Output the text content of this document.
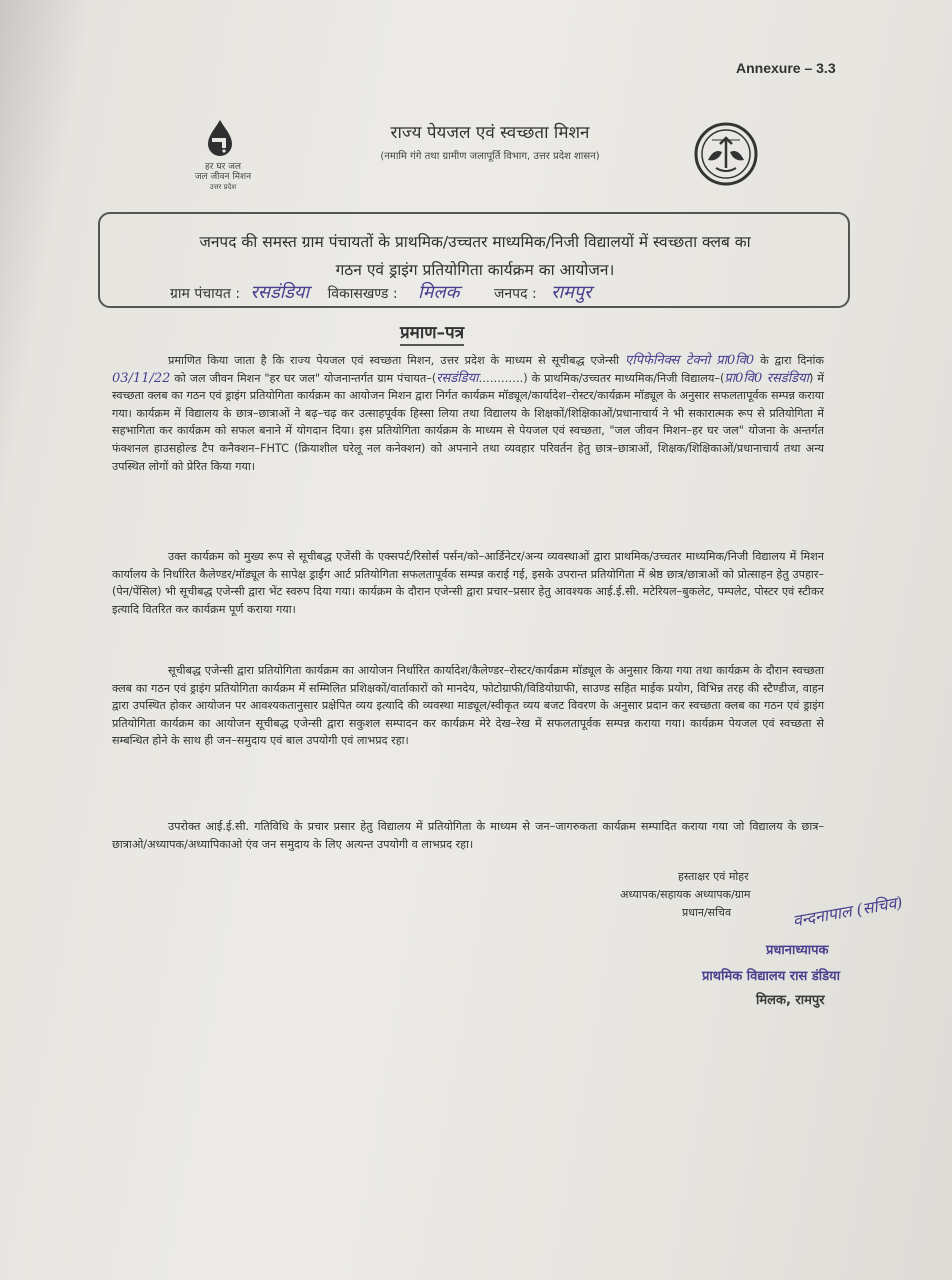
Annexure – 3.3
हर घर जल
जल जीवन मिशन
उत्तर प्रदेश
राज्य पेयजल एवं स्वच्छता मिशन
(नमामि गंगे तथा ग्रामीण जलापूर्ति विभाग, उत्तर प्रदेश शासन)
जनपद की समस्त ग्राम पंचायतों के प्राथमिक/उच्चतर माध्यमिक/निजी विद्यालयों में स्वच्छता क्लब का
गठन एवं ड्राइंग प्रतियोगिता कार्यक्रम का आयोजन।
ग्राम पंचायत : रसडंडिया विकासखण्ड : मिलक जनपद : रामपुर
प्रमाण–पत्र
प्रमाणित किया जाता है कि राज्य पेयजल एवं स्वच्छता मिशन, उत्तर प्रदेश के माध्यम से सूचीबद्ध एजेन्सी एपिफेनिक्स टेक्नो प्रा0वि0 के द्वारा दिनांक 03/11/22 को जल जीवन मिशन "हर घर जल" योजनान्तर्गत ग्राम पंचायत–(रसडंडिया…………) के प्राथमिक/उच्चतर माध्यमिक/निजी विद्यालय–(प्रा0वि0 रसडंडिया) में स्वच्छता क्लब का गठन एवं ड्राइंग प्रतियोगिता कार्यक्रम का आयोजन मिशन द्वारा निर्गत कार्यक्रम मॉड्यूल/कार्यादेश–रोस्टर/कार्यक्रम मॉड्यूल के अनुसार सफलतापूर्वक सम्पन्न कराया गया। कार्यक्रम में विद्यालय के छात्र–छात्राओं ने बढ़–चढ़ कर उत्साहपूर्वक हिस्सा लिया तथा विद्यालय के शिक्षकों/शिक्षिकाओं/प्रधानाचार्य ने भी सकारात्मक रूप से प्रतियोगिता में सहभागिता कर कार्यक्रम को सफल बनाने में योगदान दिया। इस प्रतियोगिता कार्यक्रम के माध्यम से पेयजल एवं स्वच्छता, "जल जीवन मिशन–हर घर जल" योजना के अन्तर्गत फंक्शनल हाउसहोल्ड टैप कनैक्शन–FHTC (क्रियाशील घरेलू नल कनेक्शन) को अपनाने तथा व्यवहार परिवर्तन हेतु छात्र–छात्राओं, शिक्षक/शिक्षिकाओं/प्रधानाचार्य तथा अन्य उपस्थित लोगों को प्रेरित किया गया।
उक्त कार्यक्रम को मुख्य रूप से सूचीबद्ध एजेंसी के एक्सपर्ट/रिसोर्स पर्सन/को–आर्डिनेटर/अन्य व्यवस्थाओं द्वारा प्राथमिक/उच्चतर माध्यमिक/निजी विद्यालय में मिशन कार्यालय के निर्धारित कैलेण्डर/मॉड्यूल के सापेक्ष ड्राईंग आर्ट प्रतियोगिता सफलतापूर्वक सम्पन्न कराई गई, इसके उपरान्त प्रतियोगिता में श्रेष्ठ छात्र/छात्राओं को प्रोत्साहन हेतु उपहार–(पेन/पेंसिल) भी सूचीबद्ध एजेन्सी द्वारा भेंट स्वरुप दिया गया। कार्यक्रम के दौरान एजेन्सी द्वारा प्रचार–प्रसार हेतु आवश्यक आई.ई.सी. मटेरियल–बुकलेट, पम्पलेट, पोस्टर एवं स्टीकर इत्यादि वितरित कर कार्यक्रम पूर्ण कराया गया।
सूचीबद्ध एजेन्सी द्वारा प्रतियोगिता कार्यक्रम का आयोजन निर्धारित कार्यादेश/कैलेण्डर–रोस्टर/कार्यक्रम मॉड्यूल के अनुसार किया गया तथा कार्यक्रम के दौरान स्वच्छता क्लब का गठन एवं ड्राइंग प्रतियोगिता कार्यक्रम में सम्मिलित प्रशिक्षकों/वार्ताकारों को मानदेय, फोटोग्राफी/विडियोग्राफी, साउण्ड सहित माईक प्रयोग, विभिन्न तरह की स्टैण्डीज, वाहन द्वारा उपस्थित होकर आयोजन पर आवश्यकतानुसार प्रक्षेपित व्यय इत्यादि की व्यवस्था माड्यूल/स्वीकृत व्यय बजट विवरण के अनुसार प्रदान कर स्वच्छता क्लब का गठन एवं ड्राइंग प्रतियोगिता कार्यक्रम का आयोजन सूचीबद्ध एजेन्सी द्वारा सकुशल सम्पादन कर कार्यक्रम मेरे देख–रेख में सफलतापूर्वक सम्पन्न कराया गया। कार्यक्रम पेयजल एवं स्वच्छता से सम्बन्धित होने के साथ ही जन–समुदाय एवं बाल उपयोगी एवं लाभप्रद रहा।
उपरोक्त आई.ई.सी. गतिविधि के प्रचार प्रसार हेतु विद्यालय में प्रतियोगिता के माध्यम से जन–जागरुकता कार्यक्रम सम्पादित कराया गया जो विद्यालय के छात्र–छात्राओ/अध्यापक/अध्यापिकाओ एंव जन समुदाय के लिए अत्यन्त उपयोगी व लाभप्रद रहा।
हस्ताक्षर एवं मोहर
अध्यापक/सहायक अध्यापक/ग्राम
प्रधान/सचिव	वन्दनापाल (सचिव)
प्रधानाध्यापक
प्राथमिक विद्यालय रास डंडिया
मिलक, रामपुर
